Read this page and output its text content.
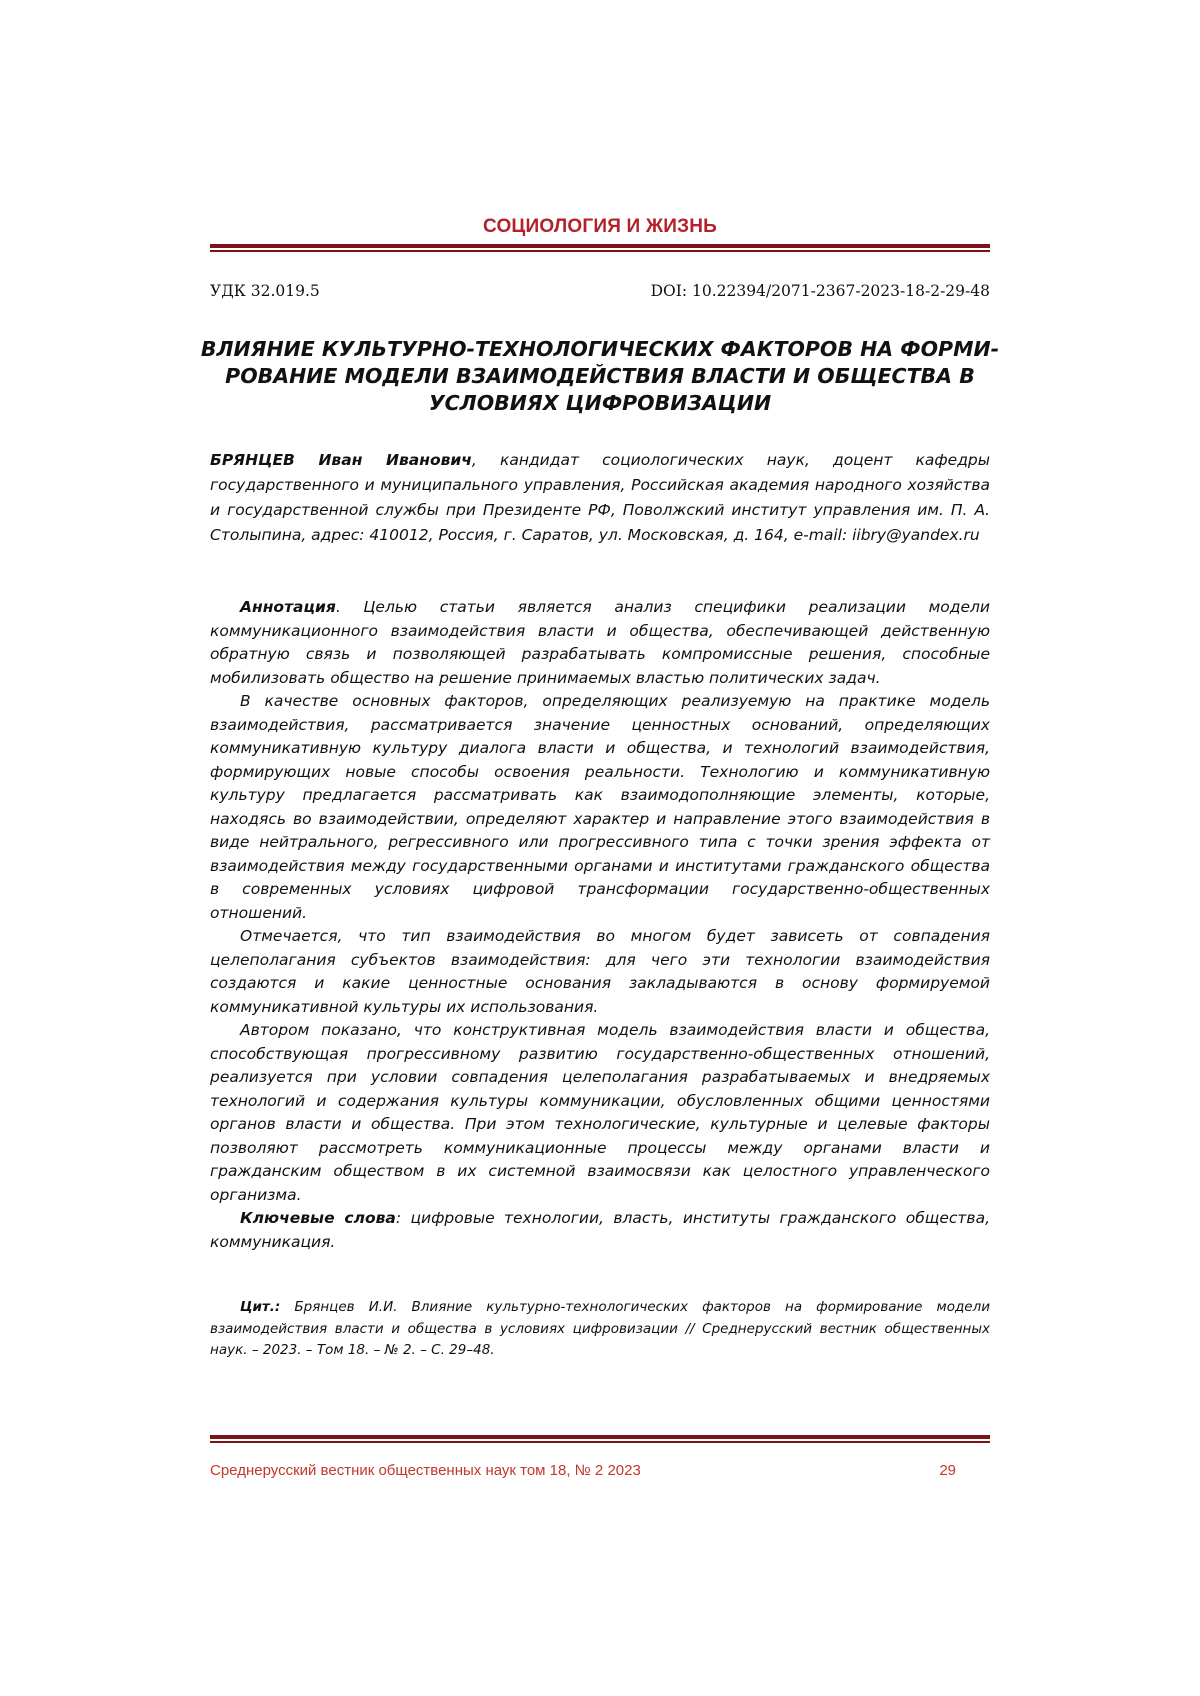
СОЦИОЛОГИЯ И ЖИЗНЬ
УДК 32.019.5	DOI: 10.22394/2071-2367-2023-18-2-29-48
ВЛИЯНИЕ КУЛЬТУРНО-ТЕХНОЛОГИЧЕСКИХ ФАКТОРОВ НА ФОРМИ-
РОВАНИЕ МОДЕЛИ ВЗАИМОДЕЙСТВИЯ ВЛАСТИ И ОБЩЕСТВА В
УСЛОВИЯХ ЦИФРОВИЗАЦИИ
БРЯНЦЕВ Иван Иванович, кандидат социологических наук, доцент кафедры государственного и муниципального управления, Российская академия народного хозяйства и государственной службы при Президенте РФ, Поволжский институт управления им. П. А. Столыпина, адрес: 410012, Россия, г. Саратов, ул. Московская, д. 164, e-mail: iibry@yandex.ru

Аннотация. Целью статьи является анализ специфики реализации модели коммуникационного взаимодействия власти и общества, обеспечивающей действенную обратную связь и позволяющей разрабатывать компромиссные решения, способные мобилизовать общество на решение принимаемых властью политических задач.

В качестве основных факторов, определяющих реализуемую на практике модель взаимодействия, рассматривается значение ценностных оснований, определяющих коммуникативную культуру диалога власти и общества, и технологий взаимодействия, формирующих новые способы освоения реальности. Технологию и коммуникативную культуру предлагается рассматривать как взаимодополняющие элементы, которые, находясь во взаимодействии, определяют характер и направление этого взаимодействия в виде нейтрального, регрессивного или прогрессивного типа с точки зрения эффекта от взаимодействия между государственными органами и институтами гражданского общества в современных условиях цифровой трансформации государственно-общественных отношений.

Отмечается, что тип взаимодействия во многом будет зависеть от совпадения целеполагания субъектов взаимодействия: для чего эти технологии взаимодействия создаются и какие ценностные основания закладываются в основу формируемой коммуникативной культуры их использования.

Автором показано, что конструктивная модель взаимодействия власти и общества, способствующая прогрессивному развитию государственно-общественных отношений, реализуется при условии совпадения целеполагания разрабатываемых и внедряемых технологий и содержания культуры коммуникации, обусловленных общими ценностями органов власти и общества. При этом технологические, культурные и целевые факторы позволяют рассмотреть коммуникационные процессы между органами власти и гражданским обществом в их системной взаимосвязи как целостного управленческого организма.

Ключевые слова: цифровые технологии, власть, институты гражданского общества, коммуникация.

Цит.: Брянцев И.И. Влияние культурно-технологических факторов на формирование модели взаимодействия власти и общества в условиях цифровизации // Среднерусский вестник общественных наук. – 2023. – Том 18. – № 2. – С. 29–48.

Среднерусский вестник общественных наук том 18, № 2 2023	29
